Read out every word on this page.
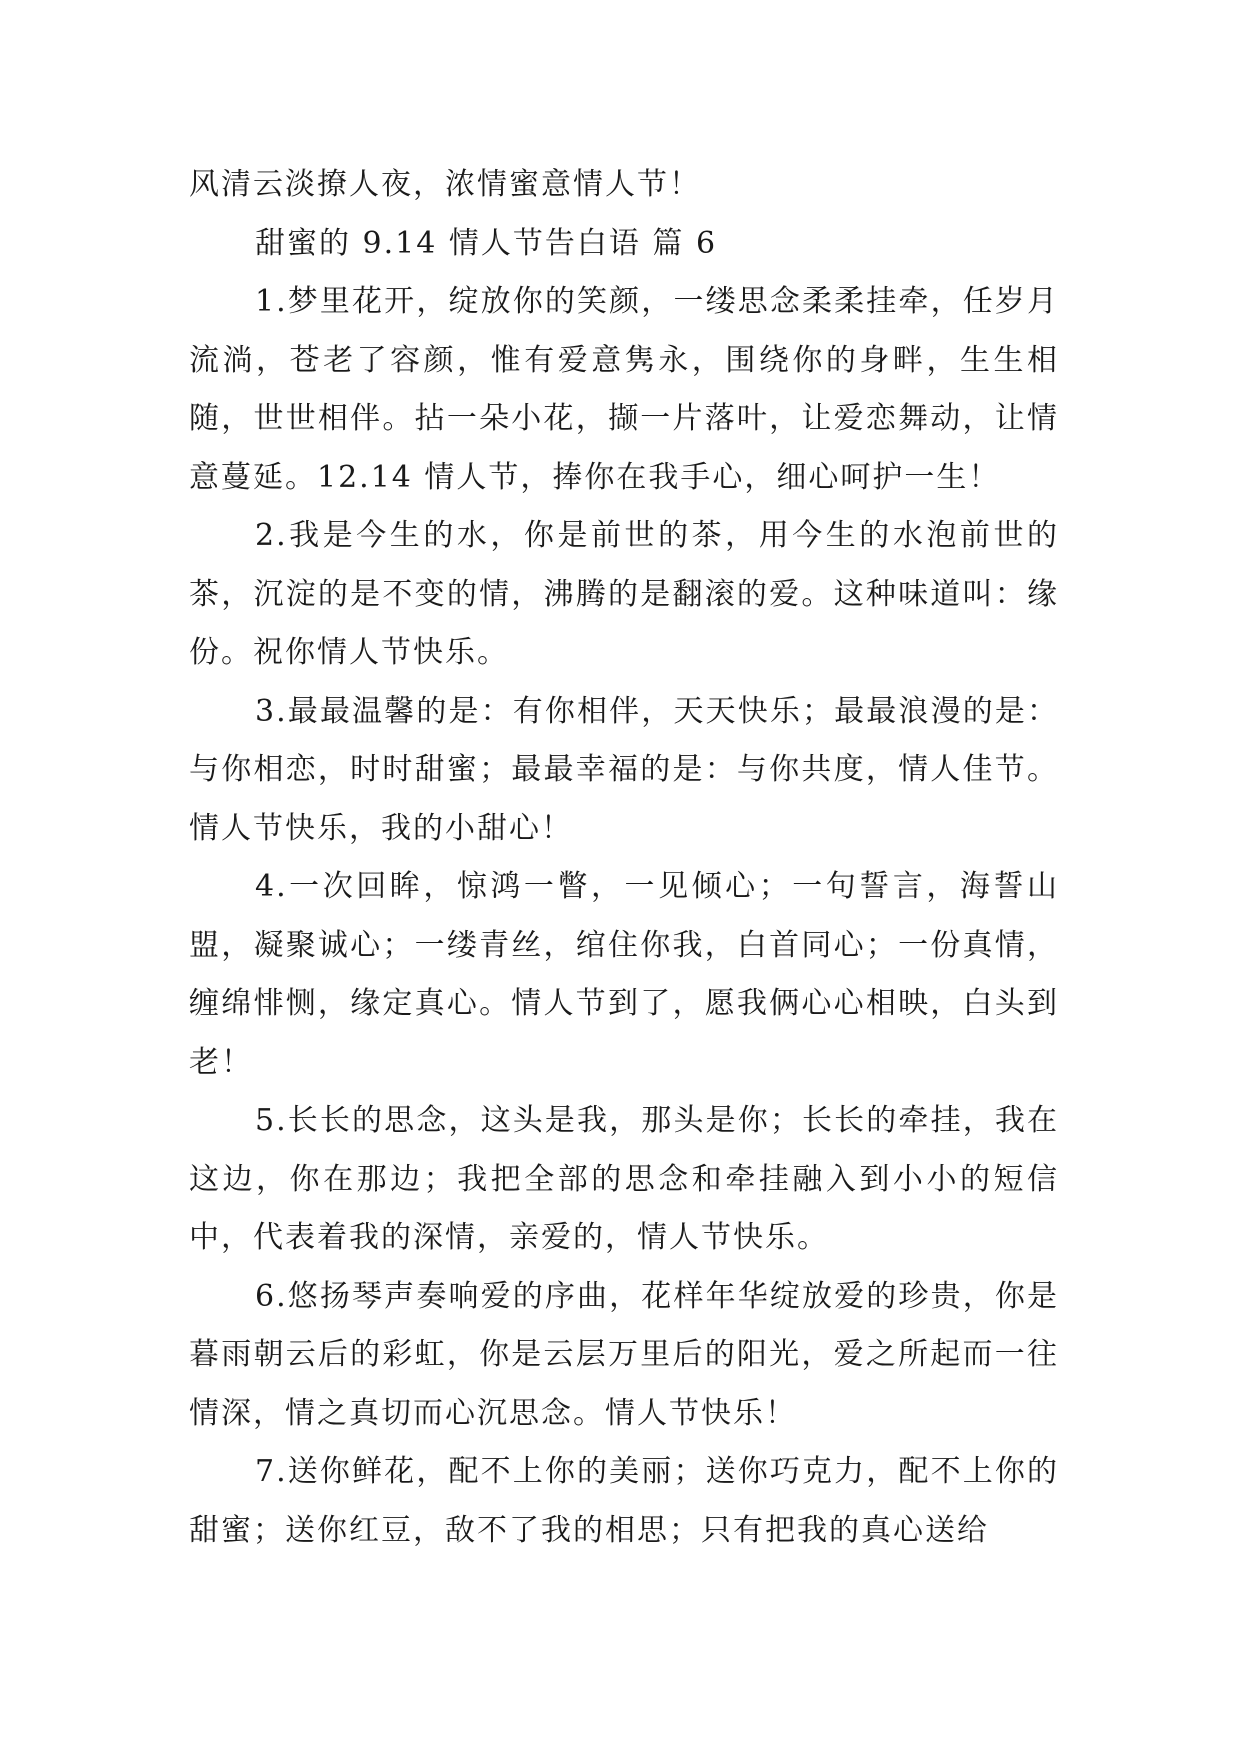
风清云淡撩人夜，浓情蜜意情人节！

甜蜜的 9.14 情人节告白语 篇 6

1.梦里花开，绽放你的笑颜，一缕思念柔柔挂牵，任岁月流淌，苍老了容颜，惟有爱意隽永，围绕你的身畔，生生相随，世世相伴。拈一朵小花，撷一片落叶，让爱恋舞动，让情意蔓延。12.14 情人节，捧你在我手心，细心呵护一生！

2.我是今生的水，你是前世的茶，用今生的水泡前世的茶，沉淀的是不变的情，沸腾的是翻滚的爱。这种味道叫：缘份。祝你情人节快乐。

3.最最温馨的是：有你相伴，天天快乐；最最浪漫的是：与你相恋，时时甜蜜；最最幸福的是：与你共度，情人佳节。情人节快乐，我的小甜心！

4.一次回眸，惊鸿一瞥，一见倾心；一句誓言，海誓山盟，凝聚诚心；一缕青丝，绾住你我，白首同心；一份真情，缠绵悱恻，缘定真心。情人节到了，愿我俩心心相映，白头到老！

5.长长的思念，这头是我，那头是你；长长的牵挂，我在这边，你在那边；我把全部的思念和牵挂融入到小小的短信中，代表着我的深情，亲爱的，情人节快乐。

6.悠扬琴声奏响爱的序曲，花样年华绽放爱的珍贵，你是暮雨朝云后的彩虹，你是云层万里后的阳光，爱之所起而一往情深，情之真切而心沉思念。情人节快乐！

7.送你鲜花，配不上你的美丽；送你巧克力，配不上你的甜蜜；送你红豆，敌不了我的相思；只有把我的真心送给
